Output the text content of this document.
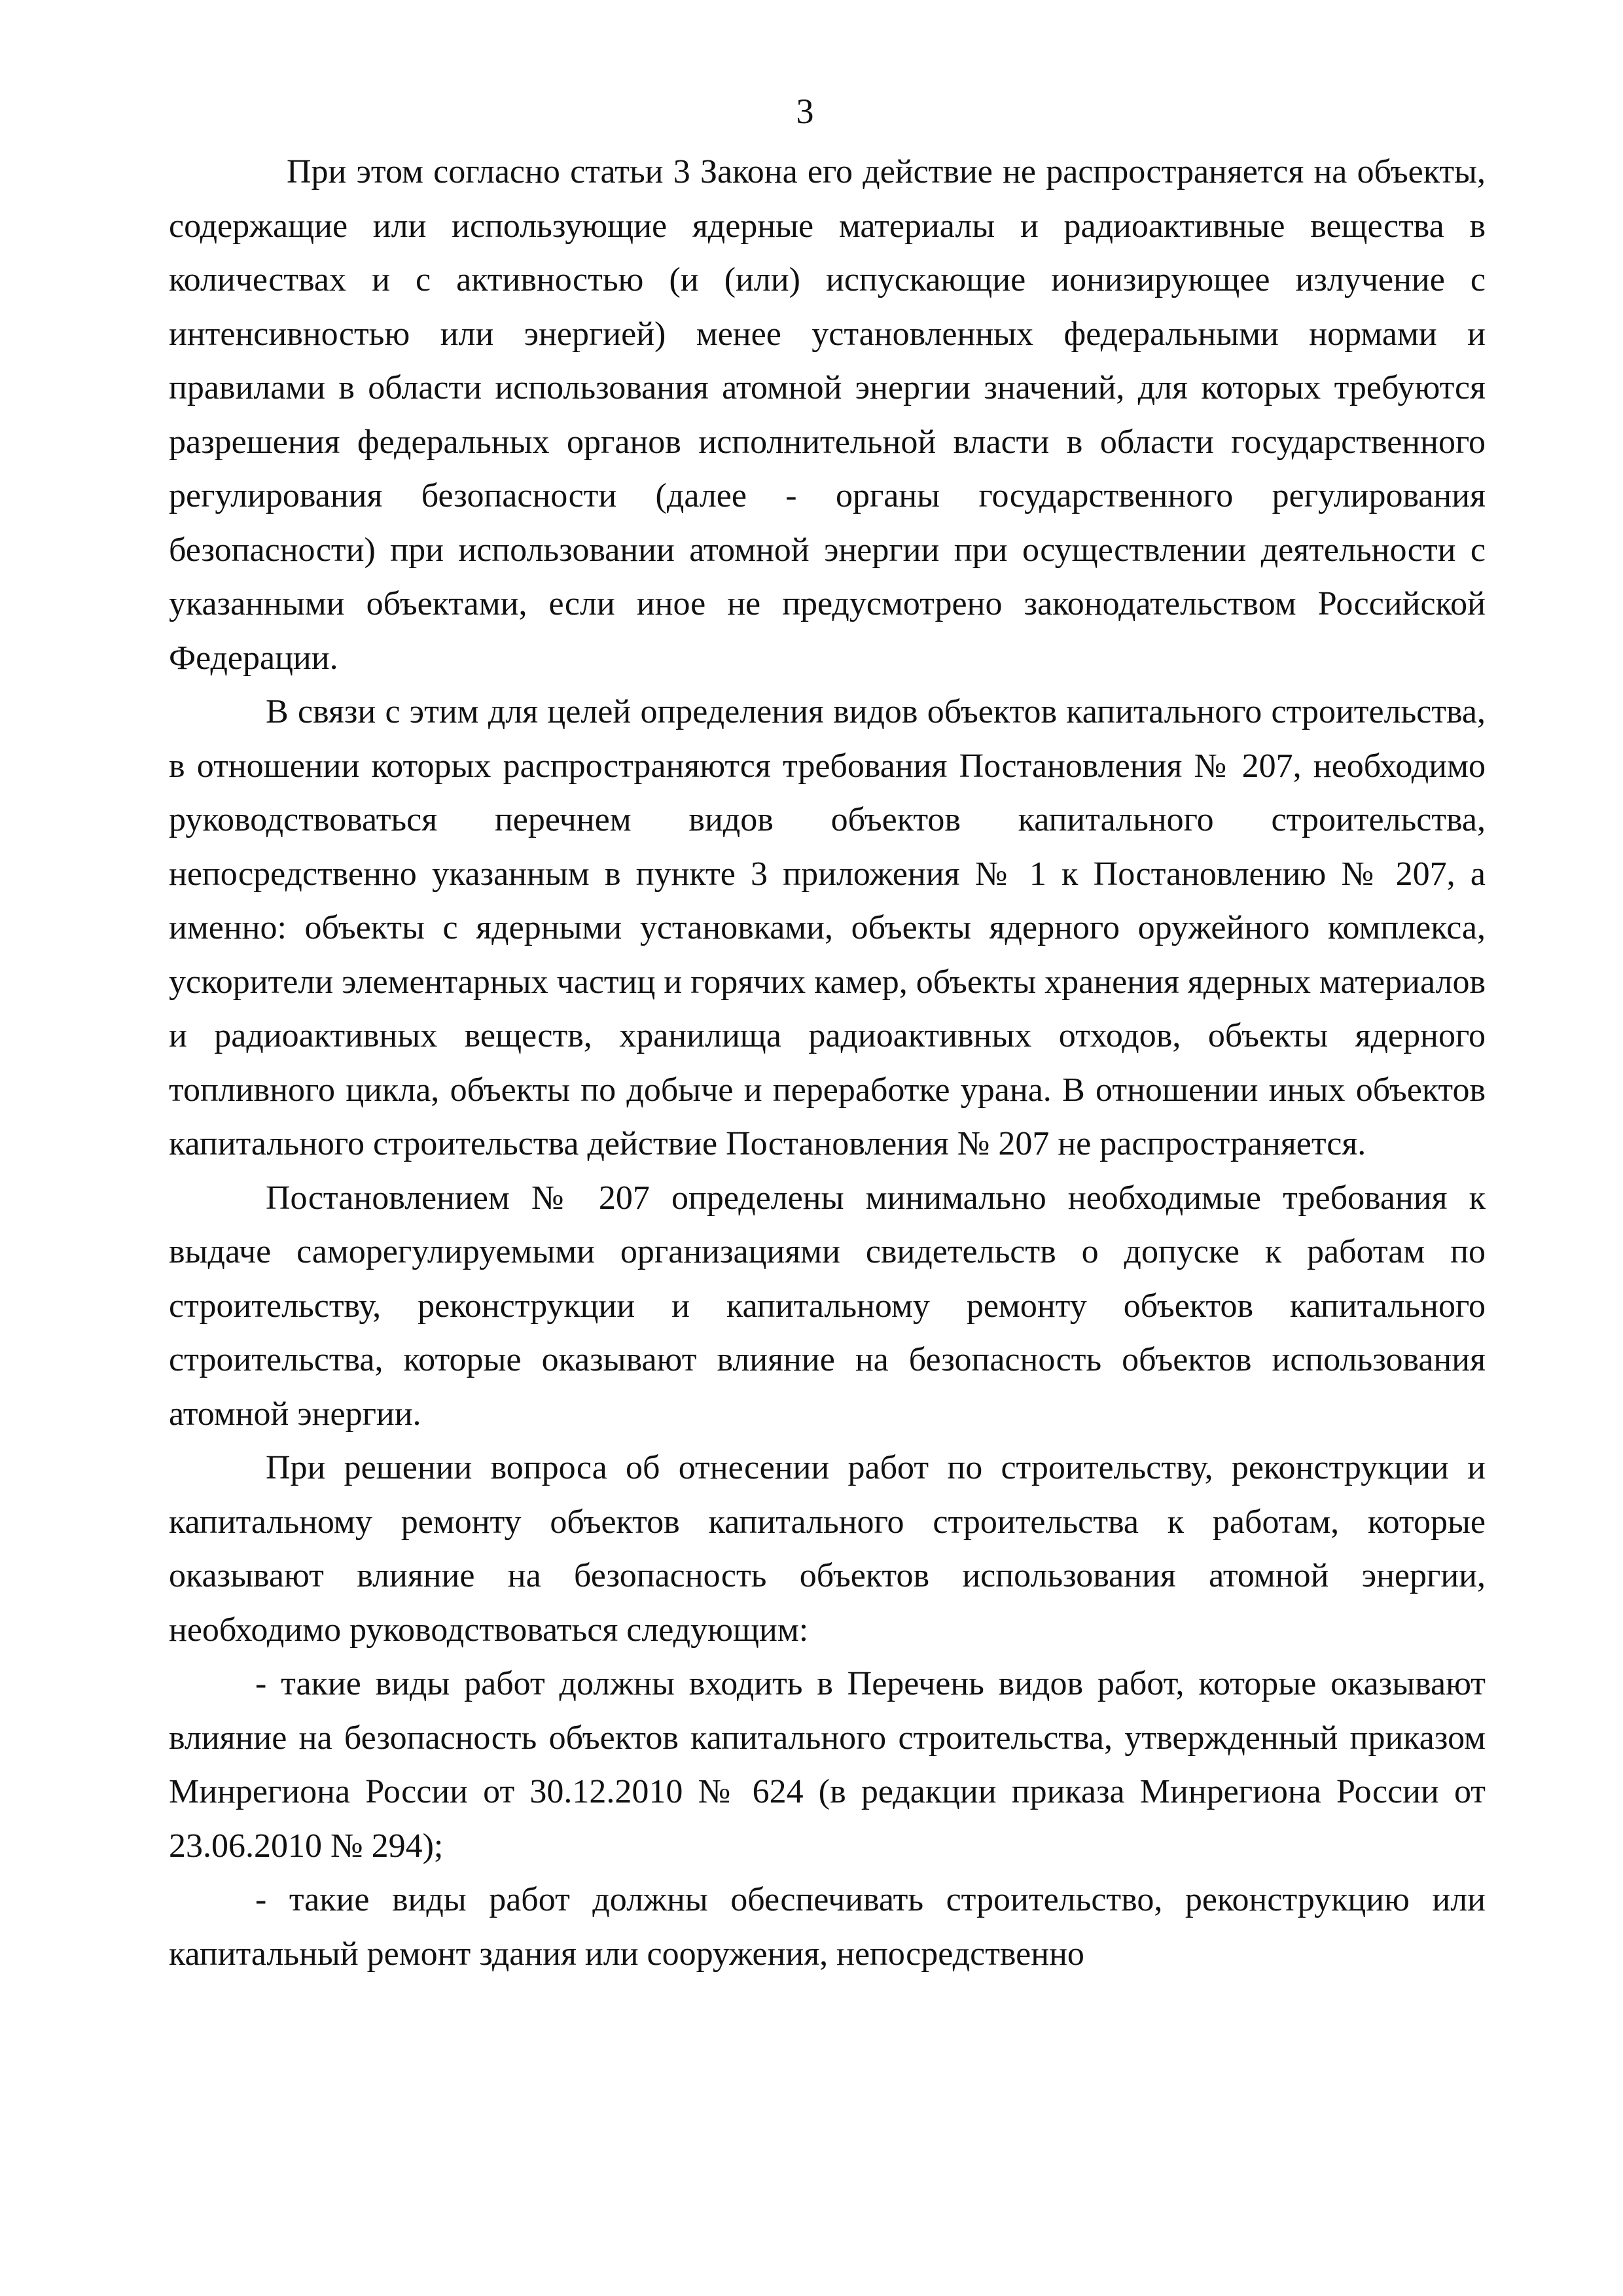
3

При этом согласно статьи 3 Закона его действие не распространяется на объекты, содержащие или использующие ядерные материалы и радиоактивные вещества в количествах и с активностью (и (или) испускающие ионизирующее излучение с интенсивностью или энергией) менее установленных федеральными нормами и правилами в области использования атомной энергии значений, для которых требуются разрешения федеральных органов исполнительной власти в области государственного регулирования безопасности (далее - органы государственного регулирования безопасности) при использовании атомной энергии при осуществлении деятельности с указанными объектами, если иное не предусмотрено законодательством Российской Федерации.

В связи с этим для целей определения видов объектов капитального строительства, в отношении которых распространяются требования Постановления № 207, необходимо руководствоваться перечнем видов объектов капитального строительства, непосредственно указанным в пункте 3 приложения № 1 к Постановлению № 207, а именно: объекты с ядерными установками, объекты ядерного оружейного комплекса, ускорители элементарных частиц и горячих камер, объекты хранения ядерных материалов и радиоактивных веществ, хранилища радиоактивных отходов, объекты ядерного топливного цикла, объекты по добыче и переработке урана. В отношении иных объектов капитального строительства действие Постановления № 207 не распространяется.

Постановлением № 207 определены минимально необходимые требования к выдаче саморегулируемыми организациями свидетельств о допуске к работам по строительству, реконструкции и капитальному ремонту объектов капитального строительства, которые оказывают влияние на безопасность объектов использования атомной энергии.

При решении вопроса об отнесении работ по строительству, реконструкции и капитальному ремонту объектов капитального строительства к работам, которые оказывают влияние на безопасность объектов использования атомной энергии, необходимо руководствоваться следующим:

- такие виды работ должны входить в Перечень видов работ, которые оказывают влияние на безопасность объектов капитального строительства, утвержденный приказом Минрегиона России от 30.12.2010 № 624 (в редакции приказа Минрегиона России от 23.06.2010 № 294);

- такие виды работ должны обеспечивать строительство, реконструкцию или капитальный ремонт здания или сооружения, непосредственно
